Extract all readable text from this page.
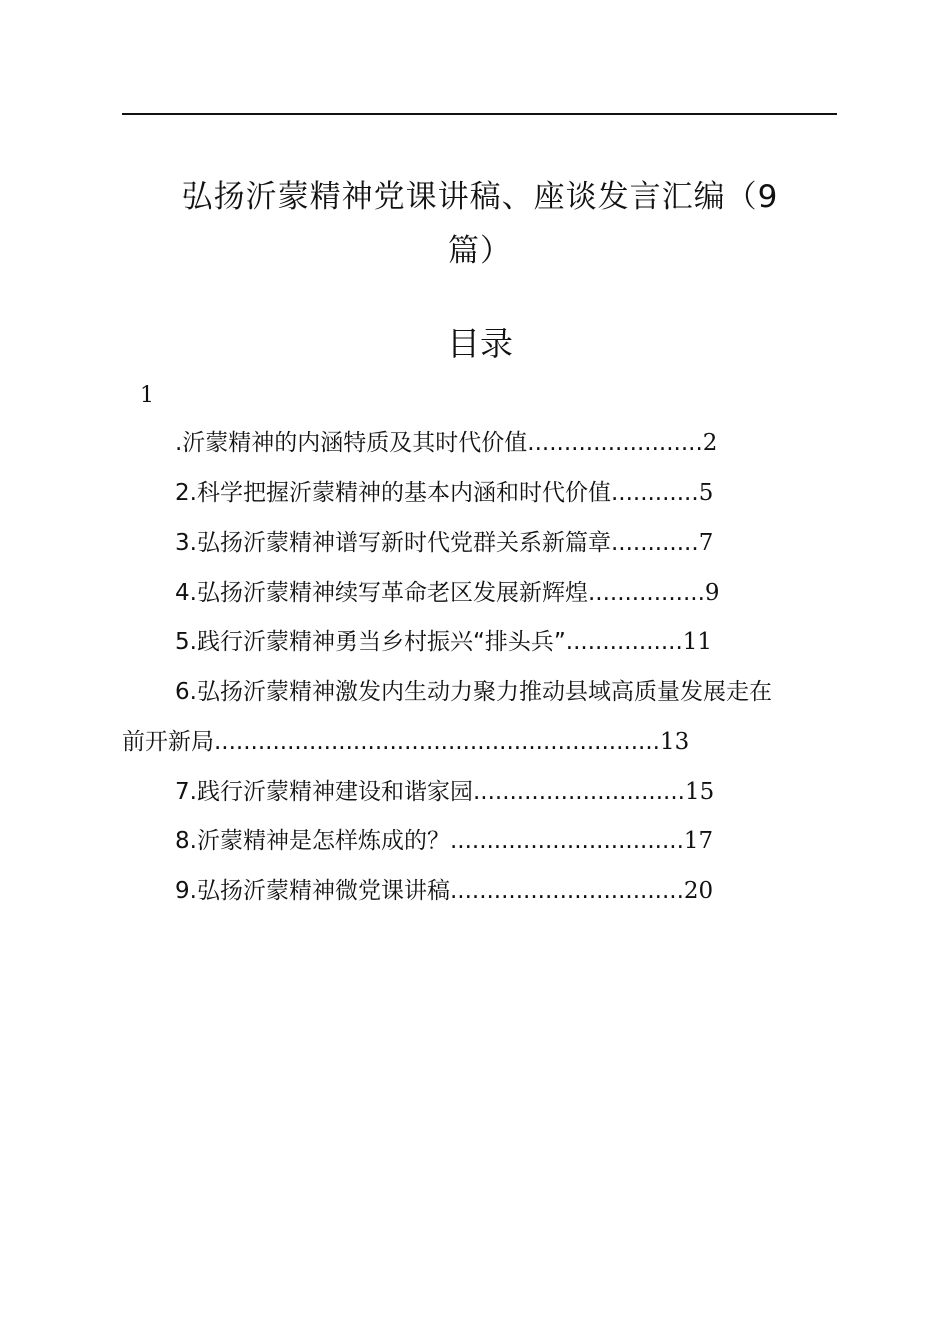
弘扬沂蒙精神党课讲稿、座谈发言汇编（9
篇）
目录
1
.沂蒙精神的内涵特质及其时代价值........................2
2.科学把握沂蒙精神的基本内涵和时代价值............5
3.弘扬沂蒙精神谱写新时代党群关系新篇章............7
4.弘扬沂蒙精神续写革命老区发展新辉煌................9
5.践行沂蒙精神勇当乡村振兴“排头兵”................11
6.弘扬沂蒙精神激发内生动力聚力推动县域高质量发展走在
前开新局.............................................................13
7.践行沂蒙精神建设和谐家园.............................15
8.沂蒙精神是怎样炼成的？................................17
9.弘扬沂蒙精神微党课讲稿................................20
